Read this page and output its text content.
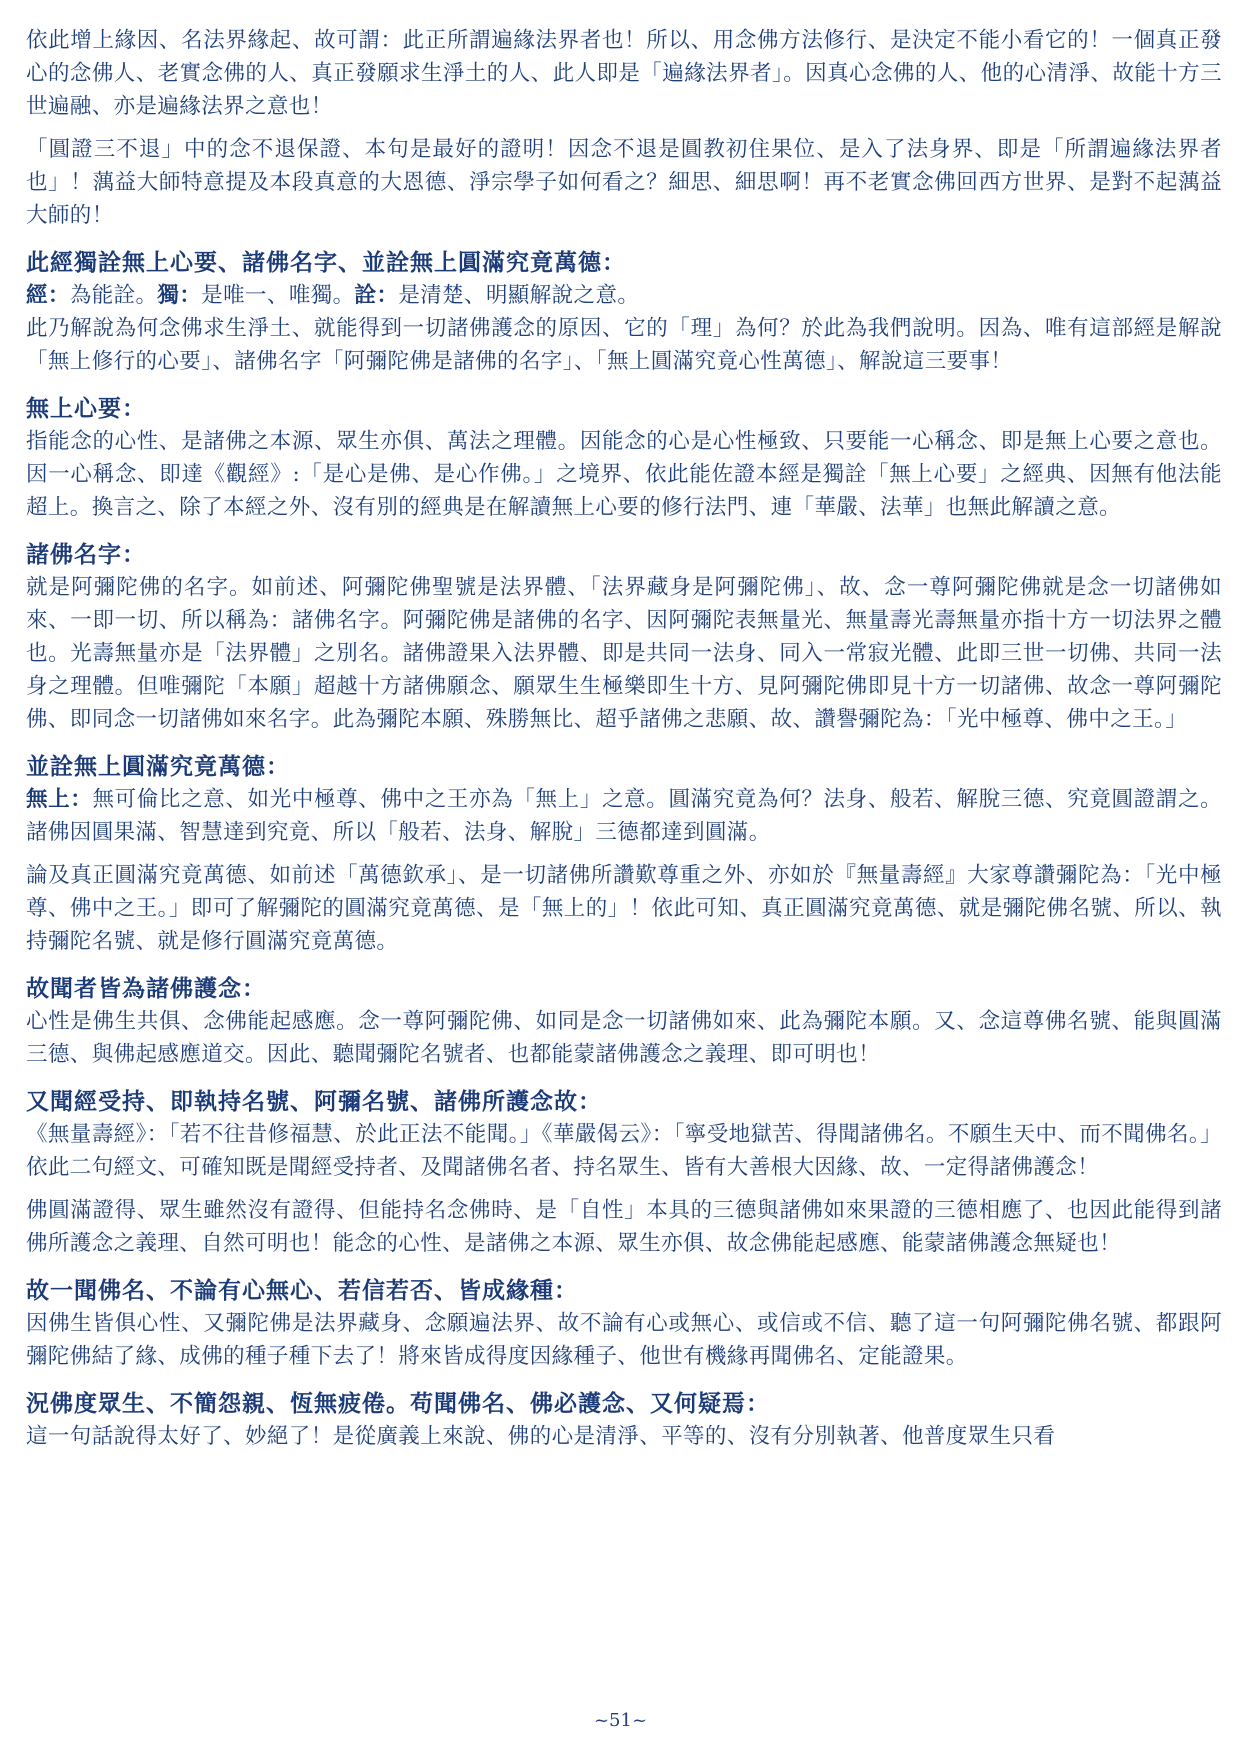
依此增上緣因、名法界緣起、故可謂：此正所謂遍緣法界者也！所以、用念佛方法修行、是決定不能小看它的！一個真正發心的念佛人、老實念佛的人、真正發願求生淨土的人、此人即是「遍緣法界者」。因真心念佛的人、他的心清淨、故能十方三世遍融、亦是遍緣法界之意也！

「圓證三不退」中的念不退保證、本句是最好的證明！因念不退是圓教初住果位、是入了法身界、即是「所謂遍緣法界者也」！蕅益大師特意提及本段真意的大恩德、淨宗學子如何看之？細思、細思啊！再不老實念佛回西方世界、是對不起蕅益大師的！

此經獨詮無上心要、諸佛名字、並詮無上圓滿究竟萬德：

經：為能詮。獨：是唯一、唯獨。詮：是清楚、明顯解說之意。

此乃解說為何念佛求生淨土、就能得到一切諸佛護念的原因、它的「理」為何？於此為我們說明。因為、唯有這部經是解說「無上修行的心要」、諸佛名字「阿彌陀佛是諸佛的名字」、「無上圓滿究竟心性萬德」、解說這三要事！

無上心要：

指能念的心性、是諸佛之本源、眾生亦俱、萬法之理體。因能念的心是心性極致、只要能一心稱念、即是無上心要之意也。因一心稱念、即達《觀經》:「是心是佛、是心作佛。」之境界、依此能佐證本經是獨詮「無上心要」之經典、因無有他法能超上。換言之、除了本經之外、沒有別的經典是在解讀無上心要的修行法門、連「華嚴、法華」也無此解讀之意。

諸佛名字：

就是阿彌陀佛的名字。如前述、阿彌陀佛聖號是法界體、「法界藏身是阿彌陀佛」、故、念一尊阿彌陀佛就是念一切諸佛如來、一即一切、所以稱為：諸佛名字。阿彌陀佛是諸佛的名字、因阿彌陀表無量光、無量壽光壽無量亦指十方一切法界之體也。光壽無量亦是「法界體」之別名。諸佛證果入法界體、即是共同一法身、同入一常寂光體、此即三世一切佛、共同一法身之理體。但唯彌陀「本願」超越十方諸佛願念、願眾生生極樂即生十方、見阿彌陀佛即見十方一切諸佛、故念一尊阿彌陀佛、即同念一切諸佛如來名字。此為彌陀本願、殊勝無比、超乎諸佛之悲願、故、讚譽彌陀為：「光中極尊、佛中之王。」

並詮無上圓滿究竟萬德：

無上：無可倫比之意、如光中極尊、佛中之王亦為「無上」之意。圓滿究竟為何？法身、般若、解脫三德、究竟圓證謂之。諸佛因圓果滿、智慧達到究竟、所以「般若、法身、解脫」三德都達到圓滿。

論及真正圓滿究竟萬德、如前述「萬德欽承」、是一切諸佛所讚歎尊重之外、亦如於『無量壽經』大家尊讚彌陀為：「光中極尊、佛中之王。」即可了解彌陀的圓滿究竟萬德、是「無上的」！依此可知、真正圓滿究竟萬德、就是彌陀佛名號、所以、執持彌陀名號、就是修行圓滿究竟萬德。

故聞者皆為諸佛護念：

心性是佛生共俱、念佛能起感應。念一尊阿彌陀佛、如同是念一切諸佛如來、此為彌陀本願。又、念這尊佛名號、能與圓滿三德、與佛起感應道交。因此、聽聞彌陀名號者、也都能蒙諸佛護念之義理、即可明也！

又聞經受持、即執持名號、阿彌名號、諸佛所護念故：

《無量壽經》：「若不往昔修福慧、於此正法不能聞。」《華嚴偈云》：「寧受地獄苦、得聞諸佛名。不願生天中、而不聞佛名。」依此二句經文、可確知既是聞經受持者、及聞諸佛名者、持名眾生、皆有大善根大因緣、故、一定得諸佛護念！

佛圓滿證得、眾生雖然沒有證得、但能持名念佛時、是「自性」本具的三德與諸佛如來果證的三德相應了、也因此能得到諸佛所護念之義理、自然可明也！能念的心性、是諸佛之本源、眾生亦俱、故念佛能起感應、能蒙諸佛護念無疑也！

故一聞佛名、不論有心無心、若信若否、皆成緣種：

因佛生皆俱心性、又彌陀佛是法界藏身、念願遍法界、故不論有心或無心、或信或不信、聽了這一句阿彌陀佛名號、都跟阿彌陀佛結了緣、成佛的種子種下去了！將來皆成得度因緣種子、他世有機緣再聞佛名、定能證果。

況佛度眾生、不簡怨親、恆無疲倦。苟聞佛名、佛必護念、又何疑焉：

這一句話說得太好了、妙絕了！是從廣義上來說、佛的心是清淨、平等的、沒有分別執著、他普度眾生只看

~51~
